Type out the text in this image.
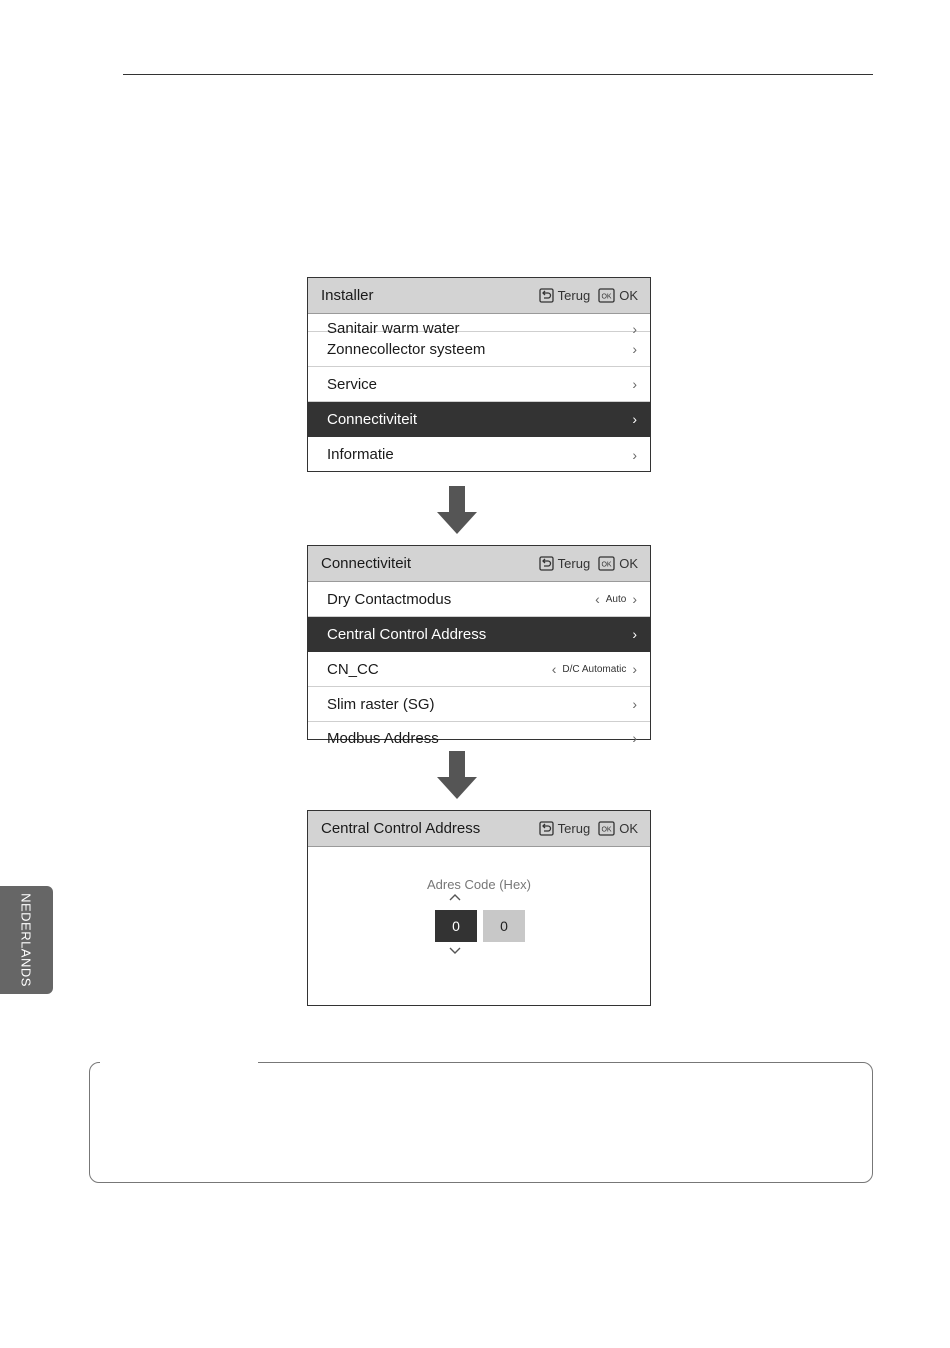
Installer	Terug OK OK
Sanitair warm water	›
Zonnecollector systeem	›
Service	›
Connectiviteit	›
Informatie	›
Connectiviteit	Terug OK OK
Dry Contactmodus	‹ Auto ›
Central Control Address	›
CN_CC	‹ D/C Automatic ›
Slim raster (SG)	›
Modbus Address	›
Central Control Address	Terug OK OK
Adres Code (Hex)
0	0
NEDERLANDS
